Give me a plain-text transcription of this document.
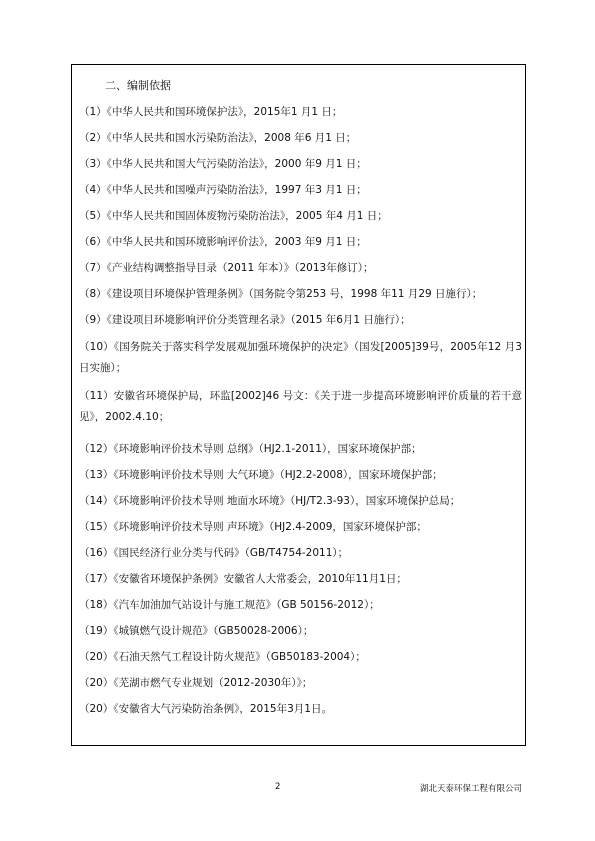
二、编制依据
（1）《中华人民共和国环境保护法》，2015年1 月1 日；
（2）《中华人民共和国水污染防治法》，2008 年6 月1 日；
（3）《中华人民共和国大气污染防治法》，2000 年9 月1 日；
（4）《中华人民共和国噪声污染防治法》，1997 年3 月1 日；
（5）《中华人民共和国固体废物污染防治法》，2005 年4 月1 日；
（6）《中华人民共和国环境影响评价法》，2003 年9 月1 日；
（7）《产业结构调整指导目录（2011 年本）》（2013年修订）；
（8）《建设项目环境保护管理条例》（国务院令第253 号，1998 年11 月29 日施行）；
（9）《建设项目环境影响评价分类管理名录》（2015 年6月1 日施行）；
（10）《国务院关于落实科学发展观加强环境保护的决定》（国发[2005]39号，2005年12 月3 日实施）；
（11）安徽省环境保护局，环监[2002]46 号文：《关于进一步提高环境影响评价质量的若干意见》，2002.4.10；
（12）《环境影响评价技术导则 总纲》（HJ2.1-2011），国家环境保护部；
（13）《环境影响评价技术导则 大气环境》（HJ2.2-2008），国家环境保护部；
（14）《环境影响评价技术导则 地面水环境》（HJ/T2.3-93），国家环境保护总局；
（15）《环境影响评价技术导则 声环境》（HJ2.4-2009，国家环境保护部；
（16）《国民经济行业分类与代码》（GB/T4754-2011）；
（17）《安徽省环境保护条例》安徽省人大常委会，2010年11月1日；
（18）《汽车加油加气站设计与施工规范》（GB 50156-2012）；
（19）《城镇燃气设计规范》（GB50028-2006）；
（20）《石油天然气工程设计防火规范》（GB50183-2004）；
（20）《芜湖市燃气专业规划（2012-2030年）》；
（20）《安徽省大气污染防治条例》，2015年3月1日。
2	湖北天泰环保工程有限公司
